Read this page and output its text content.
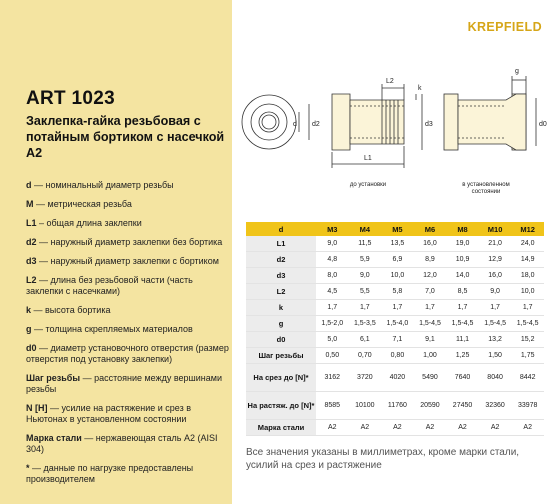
ART 1023
Заклепка-гайка резьбовая с потайным бортиком с насечкой A2
d — номинальный диаметр резьбы
M — метрическая резьба
L1 – общая длина заклепки
d2 — наружный диаметр заклепки без бортика
d3 — наружный диаметр заклепки с бортиком
L2 — длина без резьбовой части (часть заклепки с насечками)
k — высота бортика
g — толщина скрепляемых материалов
d0 — диаметр установочного отверстия (размер отверстия под установку заклепки)
Шаг резьбы — расстояние между вершинами резьбы
N [Н] — усилие на растяжение и срез в Ньютонах в установленном состоянии
Марка стали — нержавеющая сталь A2 (AISI 304)
* — данные по нагрузке предоставлены производителем
KREPFIELD
d d2
L2
k
d3
L1
g
d0
до установки	в установленном состоянии
d	M3	M4	M5	M6	M8	M10	M12
L1	9,0	11,5	13,5	16,0	19,0	21,0	24,0
d2	4,8	5,9	6,9	8,9	10,9	12,9	14,9
d3	8,0	9,0	10,0	12,0	14,0	16,0	18,0
L2	4,5	5,5	5,8	7,0	8,5	9,0	10,0
k	1,7	1,7	1,7	1,7	1,7	1,7	1,7
g	1,5-2,0	1,5-3,5	1,5-4,0	1,5-4,5	1,5-4,5	1,5-4,5	1,5-4,5
d0	5,0	6,1	7,1	9,1	11,1	13,2	15,2
Шаг резьбы	0,50	0,70	0,80	1,00	1,25	1,50	1,75
На срез до [N]*	3162	3720	4020	5490	7640	8040	8442
На растяж. до [N]*	8585	10100	11760	20590	27450	32360	33978
Марка стали	A2	A2	A2	A2	A2	A2	A2
Все значения указаны в миллиметрах, кроме марки стали, усилий на срез и растяжение
